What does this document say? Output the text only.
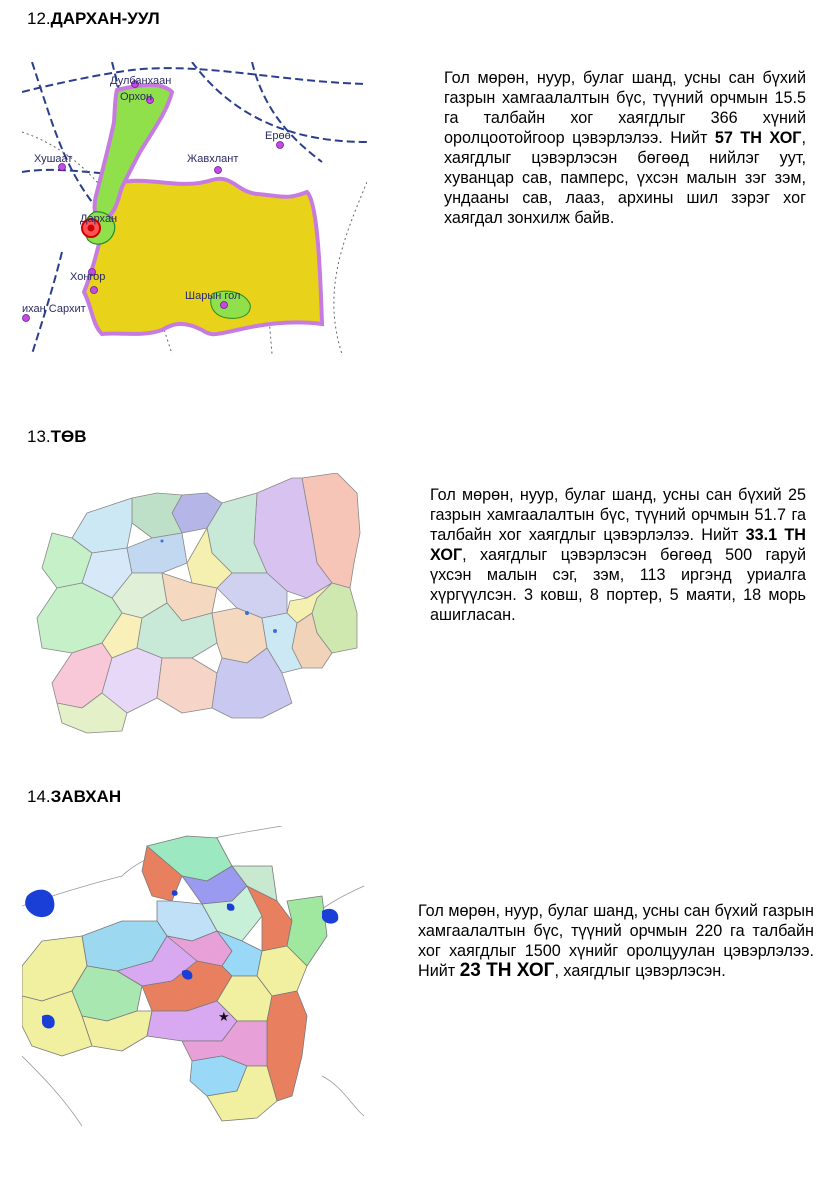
12.ДАРХАН-УУЛ
Дулбанхаан
Орхон
Ерөө
Хушаат	Жавхлант
Дархан
Хонгор
ихан Сархит
Шарын гол
Гол мөрөн, нуур, булаг шанд, усны сан бүхий газрын хамгаалалтын бүс, түүний орчмын 15.5 га талбайн хог хаягдлыг 366 хүний оролцоотойгоор цэвэрлэлээ. Нийт 57 ТН ХОГ, хаягдлыг цэвэрлэсэн бөгөөд нийлэг уут, хуванцар сав, памперс, үхсэн малын зэг зэм, ундааны сав, лааз, архины шил зэрэг хог хаягдал зонхилж байв.
13.ТӨВ
Гол мөрөн, нуур, булаг шанд, усны сан бүхий 25 газрын хамгаалалтын бүс, түүний орчмын 51.7 га талбайн хог хаягдлыг цэвэрлэлээ. Нийт 33.1 ТН ХОГ, хаягдлыг цэвэрлэсэн бөгөөд 500 гаруй үхсэн малын сэг, зэм, 113 иргэнд уриалга хүргүүлсэн. 3 ковш, 8 портер, 5 маяти, 18 морь ашигласан.
14.ЗАВХАН
★
Гол мөрөн, нуур, булаг шанд, усны сан бүхий газрын хамгаалалтын бүс, түүний орчмын 220 га талбайн хог хаягдлыг 1500 хүнийг оролцуулан цэвэрлэлээ. Нийт 23 ТН ХОГ, хаягдлыг цэвэрлэсэн.
